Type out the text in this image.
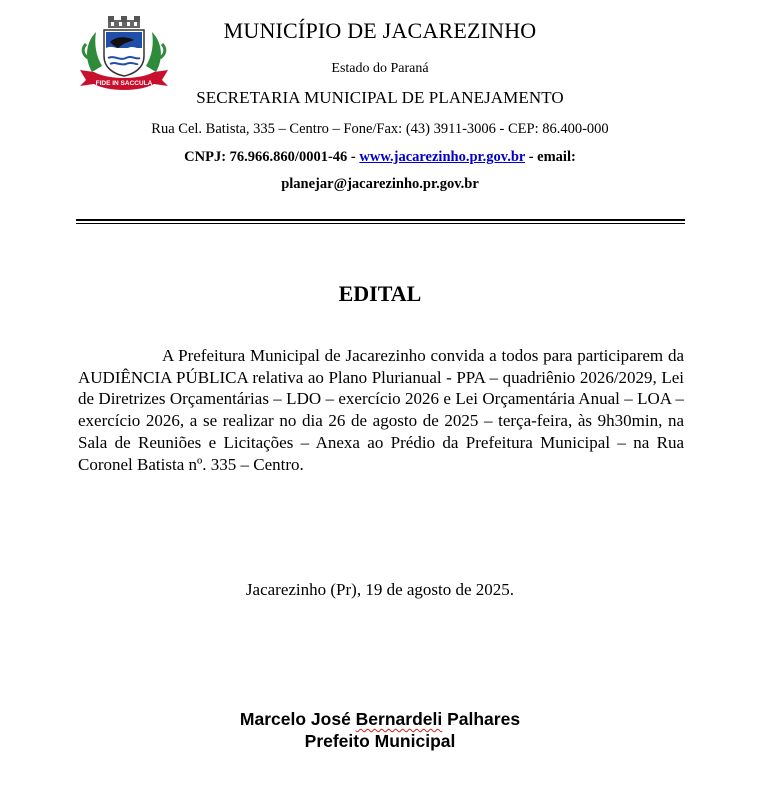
FIDE IN SACCULA
MUNICÍPIO DE JACAREZINHO
Estado do Paraná
SECRETARIA MUNICIPAL DE PLANEJAMENTO
Rua Cel. Batista, 335 – Centro – Fone/Fax: (43) 3911-3006 - CEP: 86.400-000
CNPJ: 76.966.860/0001-46 - www.jacarezinho.pr.gov.br - email:
planejar@jacarezinho.pr.gov.br
EDITAL
A Prefeitura Municipal de Jacarezinho convida a todos para participarem da AUDIÊNCIA PÚBLICA relativa ao Plano Plurianual - PPA – quadriênio 2026/2029, Lei de Diretrizes Orçamentárias – LDO – exercício 2026 e Lei Orçamentária Anual – LOA – exercício 2026, a se realizar no dia 26 de agosto de 2025 – terça-feira, às 9h30min, na Sala de Reuniões e Licitações – Anexa ao Prédio da Prefeitura Municipal – na Rua Coronel Batista nº. 335 – Centro.
Jacarezinho (Pr), 19 de agosto de 2025.
Marcelo José Bernardeli Palhares
Prefeito Municipal
